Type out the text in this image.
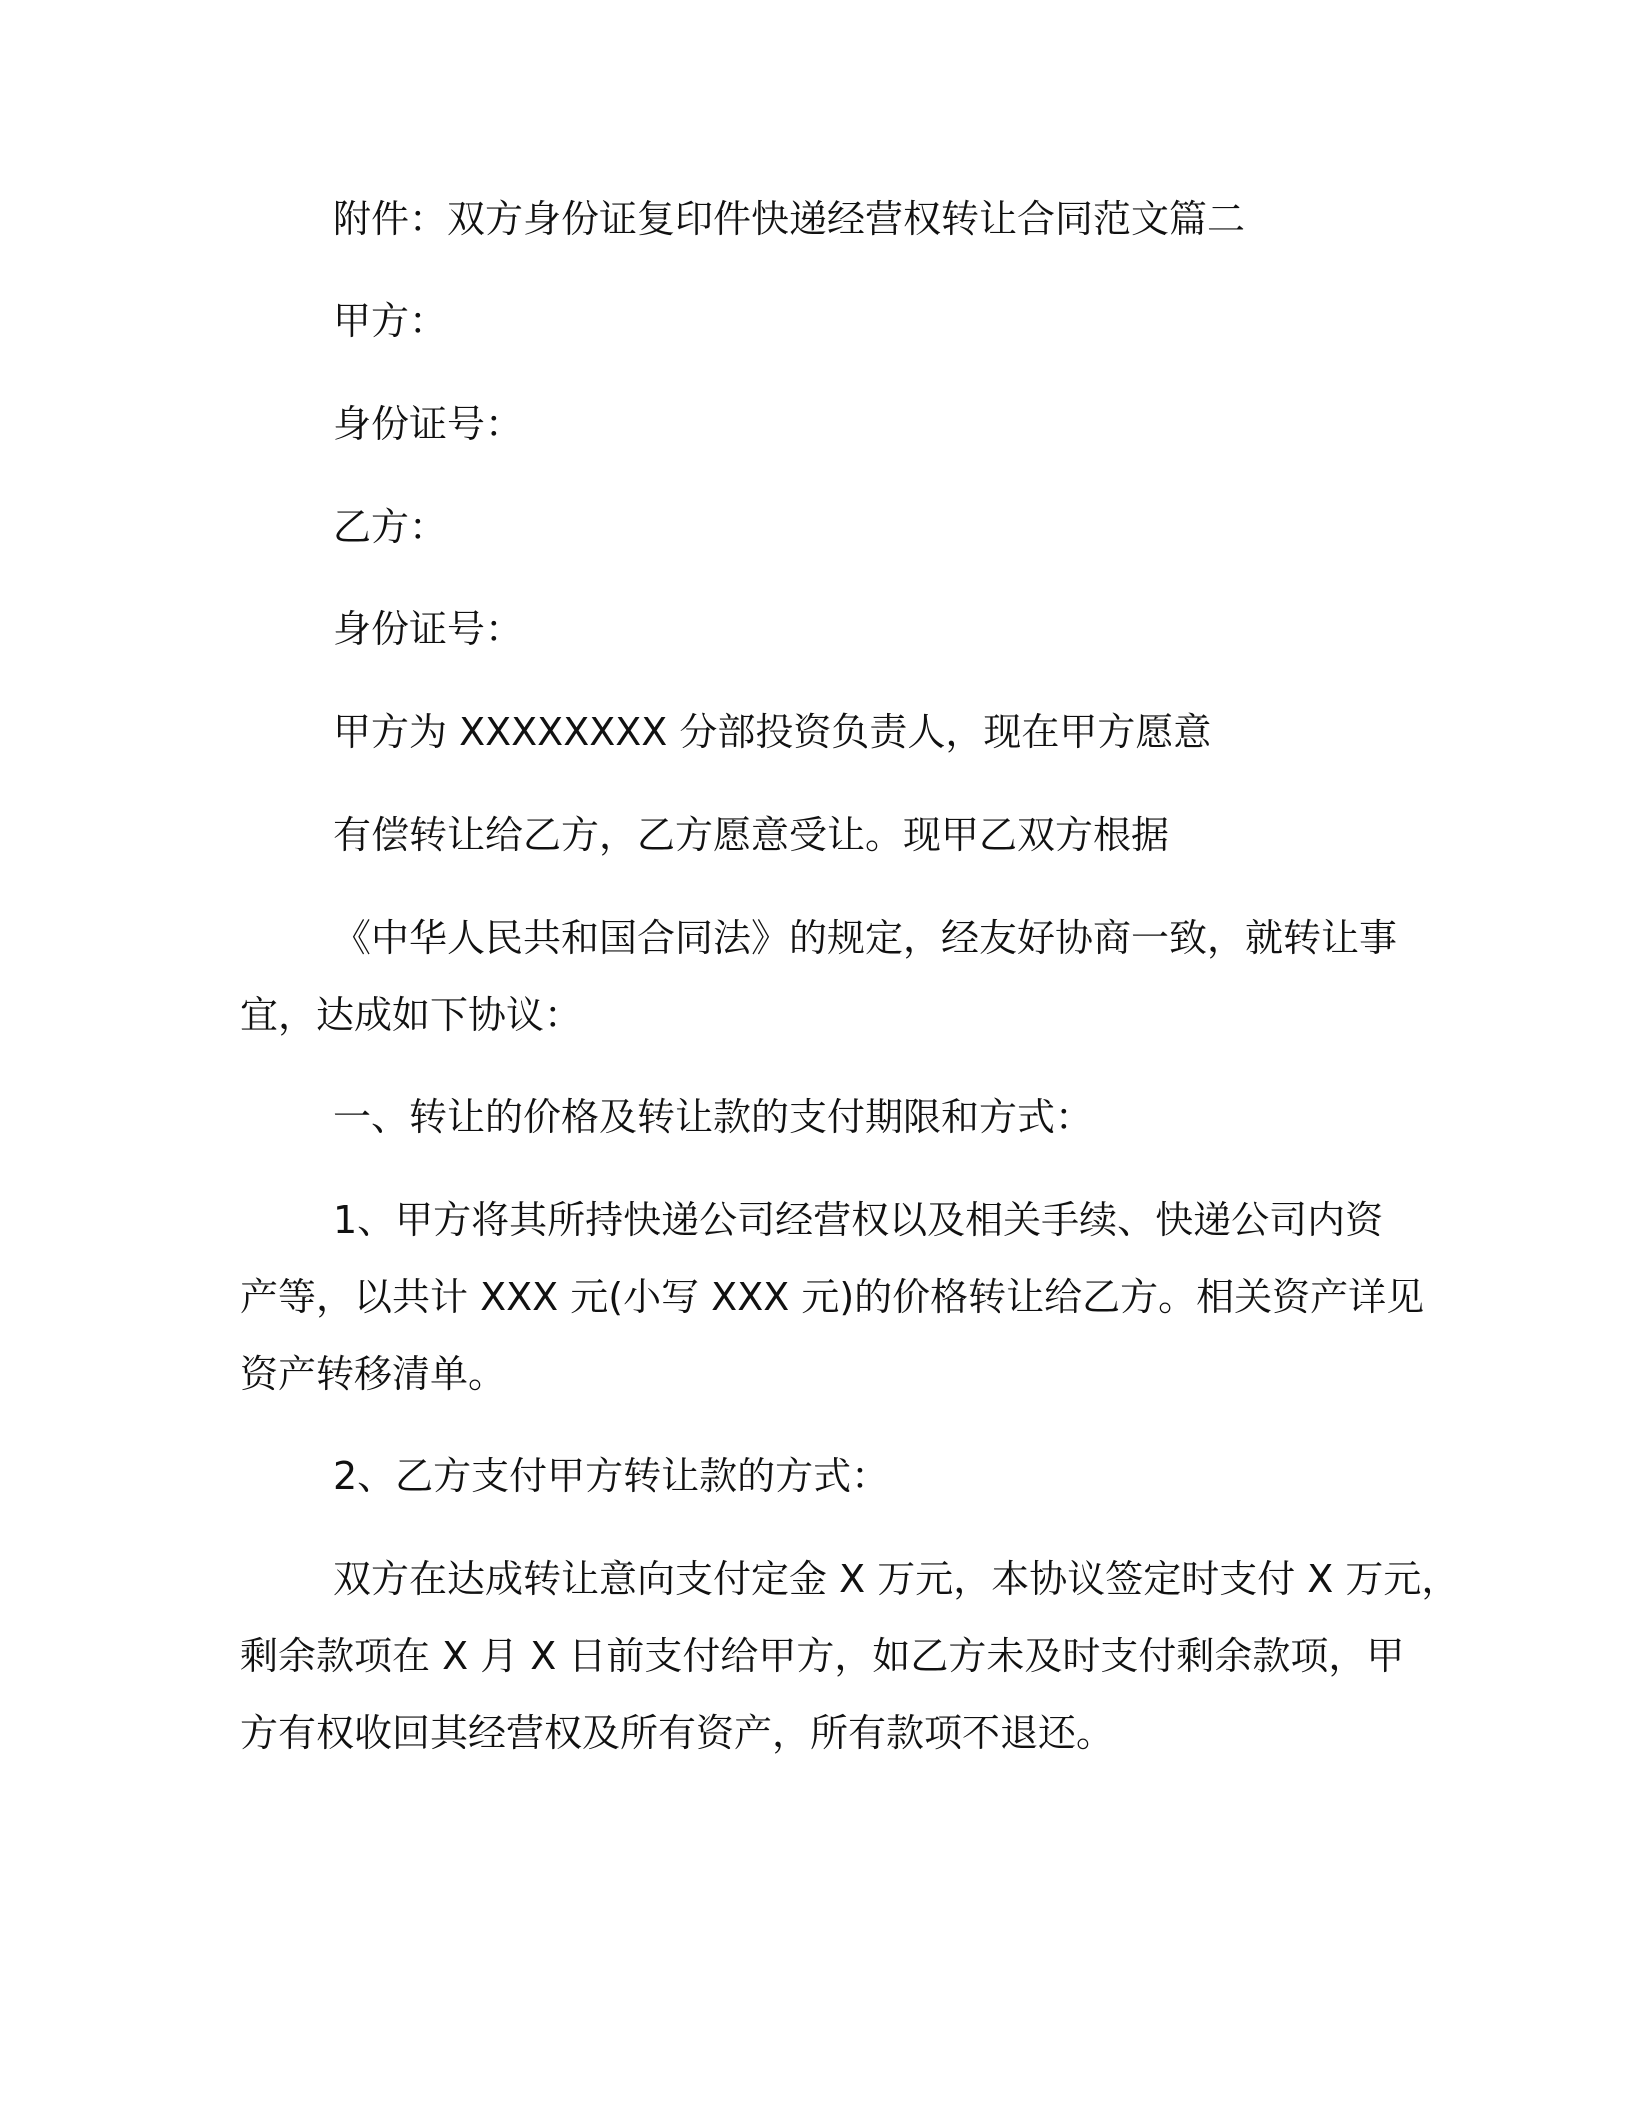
附件：双方身份证复印件快递经营权转让合同范文篇二

甲方：

身份证号：

乙方：

身份证号：

甲方为 XXXXXXXX 分部投资负责人，现在甲方愿意

有偿转让给乙方，乙方愿意受让。现甲乙双方根据

《中华人民共和国合同法》的规定，经友好协商一致，就转让事

宜，达成如下协议：

一、转让的价格及转让款的支付期限和方式：

1、甲方将其所持快递公司经营权以及相关手续、快递公司内资

产等，以共计 XXX 元(小写 XXX 元)的价格转让给乙方。相关资产详见

资产转移清单。

2、乙方支付甲方转让款的方式：

双方在达成转让意向支付定金 X 万元，本协议签定时支付 X 万元，

剩余款项在 X 月 X 日前支付给甲方，如乙方未及时支付剩余款项，甲

方有权收回其经营权及所有资产，所有款项不退还。
